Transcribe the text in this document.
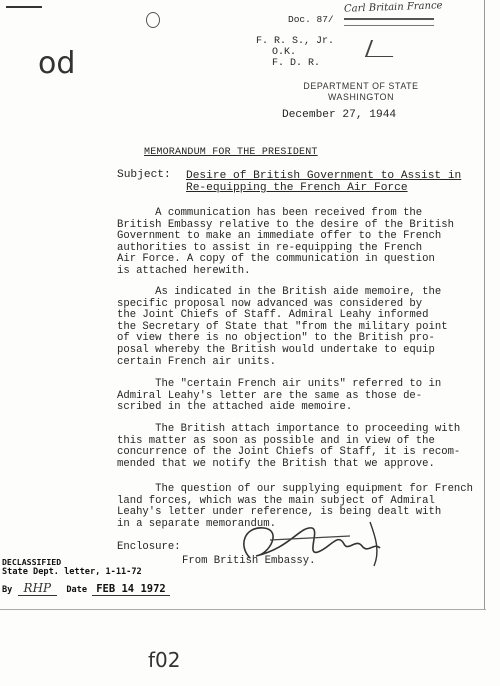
Doc. 87/
Carl Britain France
F. R. S., Jr.
O.K.
F. D. R.
od
DEPARTMENT OF STATE
WASHINGTON
December 27, 1944
MEMORANDUM FOR THE PRESIDENT
Subject: Desire of British Government to Assist in
Re-equipping the French Air Force

A communication has been received from the

British Embassy relative to the desire of the British

Government to make an immediate offer to the French

authorities to assist in re-equipping the French

Air Force. A copy of the communication in question

is attached herewith.

As indicated in the British aide memoire, the

specific proposal now advanced was considered by

the Joint Chiefs of Staff. Admiral Leahy informed

the Secretary of State that "from the military point

of view there is no objection" to the British pro-

posal whereby the British would undertake to equip

certain French air units.

The "certain French air units" referred to in

Admiral Leahy's letter are the same as those de-

scribed in the attached aide memoire.

The British attach importance to proceeding with

this matter as soon as possible and in view of the

concurrence of the Joint Chiefs of Staff, it is recom-

mended that we notify the British that we approve.

The question of our supplying equipment for French

land forces, which was the main subject of Admiral

Leahy's letter under reference, is being dealt with

in a separate memorandum.

Enclosure:
From British Embassy.
DECLASSIFIED
State Dept. letter, 1-11-72
By RHP Date FEB 14 1972
f02
